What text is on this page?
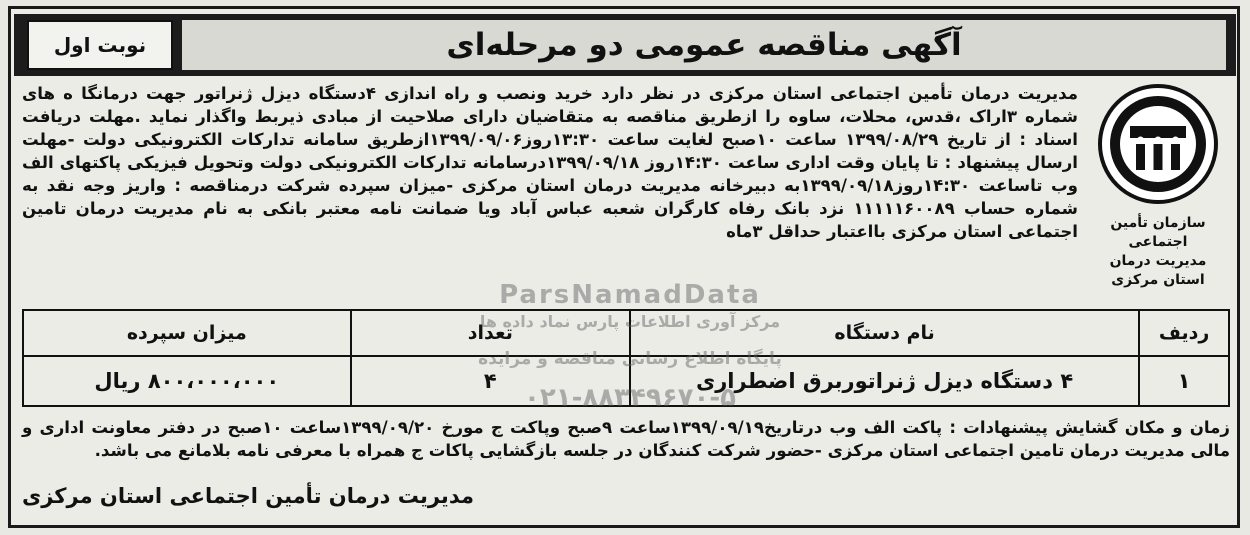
نوبت اول	آگهی مناقصه عمومی دو مرحله‌ای
سازمان تأمین اجتماعی
مدیریت درمان
استان مرکزی
مدیریت درمان تأمین اجتماعی استان مرکزی در نظر دارد خرید ونصب و راه اندازی ۴دستگاه دیزل ژنراتور جهت درمانگا ه های شماره ۳اراک ،قدس، محلات، ساوه را ازطریق مناقصه به متقاضیان دارای صلاحیت از مبادی ذیربط واگذار نماید .مهلت دریافت اسناد : از تاریخ ۱۳۹۹/۰۸/۲۹ ساعت ۱۰صبح لغایت ساعت ۱۳:۳۰روز۱۳۹۹/۰۹/۰۶ازطریق سامانه تدارکات الکترونیکی دولت -مهلت ارسال پیشنهاد : تا پایان وقت اداری ساعت ۱۴:۳۰روز ۱۳۹۹/۰۹/۱۸درسامانه تدارکات الکترونیکی دولت وتحویل فیزیکی پاکتهای الف وب تاساعت ۱۴:۳۰روز۱۳۹۹/۰۹/۱۸به دبیرخانه مدیریت درمان استان مرکزی -میزان سپرده شرکت درمناقصه : واریز وجه نقد به شماره حساب ۱۱۱۱۱۶۰۰۸۹ نزد بانک رفاه کارگران شعبه عباس آباد ویا ضمانت نامه معتبر بانکی به نام مدیریت درمان تامین اجتماعی استان مرکزی بااعتبار حداقل ۳ماه
ردیف	نام دستگاه	تعداد	میزان سپرده
۱	۴ دستگاه دیزل ژنراتوربرق اضطراری	۴	۸۰۰،۰۰۰،۰۰۰ ریال
زمان و مکان گشایش پیشنهادات : پاکت الف وب درتاریخ۱۳۹۹/۰۹/۱۹ساعت ۹صبح وپاکت ج مورخ ۱۳۹۹/۰۹/۲۰ساعت ۱۰صبح در دفتر معاونت اداری و مالی مدیریت درمان تامین اجتماعی استان مرکزی -حضور شرکت کنندگان در جلسه بازگشایی پاکات ج همراه با معرفی نامه بلامانع می باشد.
مدیریت درمان تأمین اجتماعی استان مرکزی
ParsNamadData
مرکز آوری اطلاعات پارس نماد داده ها
پایگاه اطلاع رسانی مناقصه و مزایده
۰۲۱-۸۸۳۴۹۶۷۰-۵
